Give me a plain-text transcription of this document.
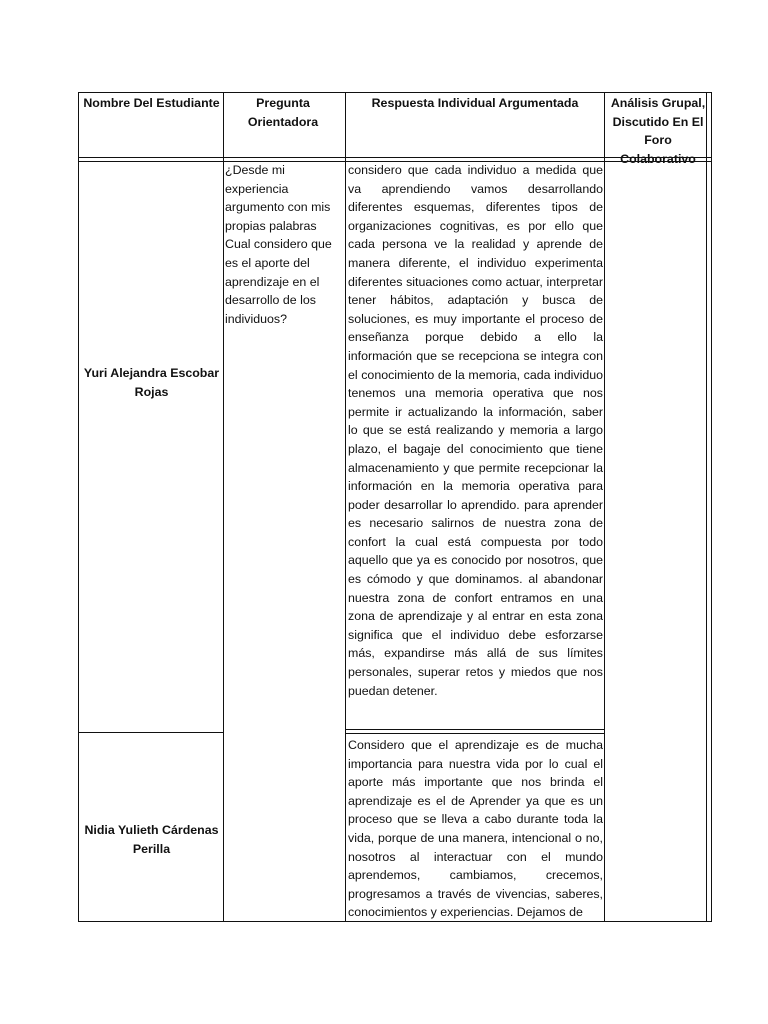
Nombre Del Estudiante	Pregunta Orientadora
Respuesta Individual Argumentada	Análisis Grupal, Discutido En El Foro Colaborativo
Yuri Alejandra Escobar Rojas
¿Desde mi experiencia argumento con mis propias palabras Cual considero que es el aporte del aprendizaje en el desarrollo de los individuos?
considero que cada individuo a medida que va aprendiendo vamos desarrollando diferentes esquemas, diferentes tipos de organizaciones cognitivas, es por ello que cada persona ve la realidad y aprende de manera diferente, el individuo experimenta diferentes situaciones como actuar, interpretar tener hábitos, adaptación y busca de soluciones, es muy importante el proceso de enseñanza porque debido a ello la información que se recepciona se integra con el conocimiento de la memoria, cada individuo tenemos una memoria operativa que nos permite ir actualizando la información, saber lo que se está realizando y memoria a largo plazo, el bagaje del conocimiento que tiene almacenamiento y que permite recepcionar la información en la memoria operativa para poder desarrollar lo aprendido. para aprender es necesario salirnos de nuestra zona de confort la cual está compuesta por todo aquello que ya es conocido por nosotros, que es cómodo y que dominamos. al abandonar nuestra zona de confort entramos en una zona de aprendizaje y al entrar en esta zona significa que el individuo debe esforzarse más, expandirse más allá de sus límites personales, superar retos y miedos que nos puedan detener.
Nidia Yulieth Cárdenas Perilla
Considero que el aprendizaje es de mucha importancia para nuestra vida por lo cual el aporte más importante que nos brinda el aprendizaje es el de Aprender ya que es un proceso que se lleva a cabo durante toda la vida, porque de una manera, intencional o no, nosotros al interactuar con el mundo aprendemos, cambiamos, crecemos, progresamos a través de vivencias, saberes, conocimientos y experiencias. Dejamos de
